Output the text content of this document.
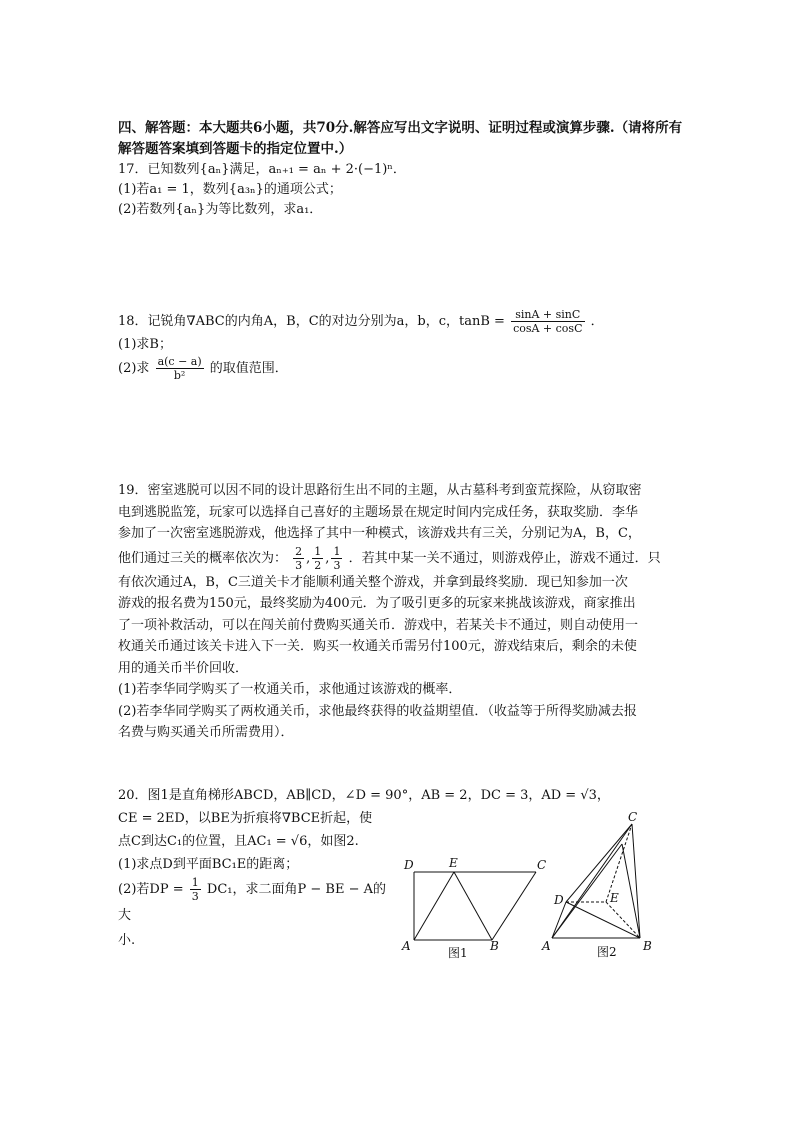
四、解答题：本大题共6小题，共70分.解答应写出文字说明、证明过程或演算步骤.（请将所有解答题答案填到答题卡的指定位置中.）

17．已知数列{aₙ}满足，aₙ₊₁ = aₙ + 2·(−1)ⁿ．

(1)若a₁ = 1，数列{a₃ₙ}的通项公式；

(2)若数列{aₙ}为等比数列，求a₁．

18．记锐角∇ABC的内角A，B，C的对边分别为a，b，c，$\tan B = \frac{\sin A + \sin C}{\cos A + \cos C}$ ．

(1)求B；

(2)求 $\frac{a(c - a)}{\text{b²}}$ 的取值范围．

19．密室逃脱可以因不同的设计思路衍生出不同的主题，从古墓科考到蛮荒探险，从窃取密

电到逃脱监笼，玩家可以选择自己喜好的主题场景在规定时间内完成任务，获取奖励．李华

参加了一次密室逃脱游戏，他选择了其中一种模式，该游戏共有三关，分别记为A，B，C，

他们通过三关的概率依次为： $\frac{2}{3}$ , $\frac{1}{2}$ , $\frac{1}{3}$ ．若其中某一关不通过，则游戏停止，游戏不通过．只

有依次通过A，B，C三道关卡才能顺利通关整个游戏，并拿到最终奖励．现已知参加一次

游戏的报名费为150元，最终奖励为400元．为了吸引更多的玩家来挑战该游戏，商家推出

了一项补救活动，可以在闯关前付费购买通关币．游戏中，若某关卡不通过，则自动使用一

枚通关币通过该关卡进入下一关．购买一枚通关币需另付100元，游戏结束后，剩余的未使

用的通关币半价回收．

(1)若李华同学购买了一枚通关币，求他通过该游戏的概率．

(2)若李华同学购买了两枚通关币，求他最终获得的收益期望值．（收益等于所得奖励减去报

名费与购买通关币所需费用）．

20．图1是直角梯形ABCD，AB∥CD，∠D = 90°，AB = 2，DC = 3，AD = √3，

CE = 2ED，以BE为折痕将∇BCE折起，使

点C到达C₁的位置，且AC₁ = √6，如图2.

(1)求点D到平面BC₁E的距离；

(2)若DP = $\frac{1}{3} DC_1$，求二面角P − BE − A的大

小.

D	E	C
A	B
图1
C
D	E
A	B
图2
